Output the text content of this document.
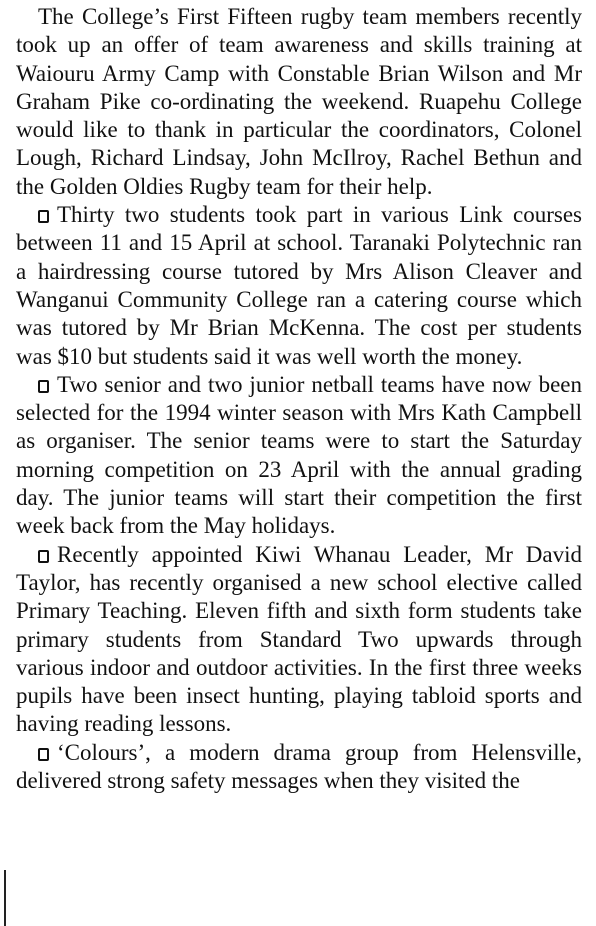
The College’s First Fifteen rugby team members recently took up an offer of team awareness and skills training at Waiouru Army Camp with Constable Brian Wilson and Mr Graham Pike co-ordinating the weekend. Ruapehu College would like to thank in particular the coordinators, Colonel Lough, Richard Lindsay, John McIlroy, Rachel Bethun and the Golden Oldies Rugby team for their help.

Thirty two students took part in various Link courses between 11 and 15 April at school. Taranaki Polytechnic ran a hairdressing course tutored by Mrs Alison Cleaver and Wanganui Community College ran a catering course which was tutored by Mr Brian McKenna. The cost per students was $10 but students said it was well worth the money.

Two senior and two junior netball teams have now been selected for the 1994 winter season with Mrs Kath Campbell as organiser. The senior teams were to start the Saturday morning competition on 23 April with the annual grading day. The junior teams will start their competition the first week back from the May holidays.

Recently appointed Kiwi Whanau Leader, Mr David Taylor, has recently organised a new school elective called Primary Teaching. Eleven fifth and sixth form students take primary students from Standard Two upwards through various indoor and outdoor activities. In the first three weeks pupils have been insect hunting, playing tabloid sports and having reading lessons.

‘Colours’, a modern drama group from Helensville, delivered strong safety messages when they visited the
